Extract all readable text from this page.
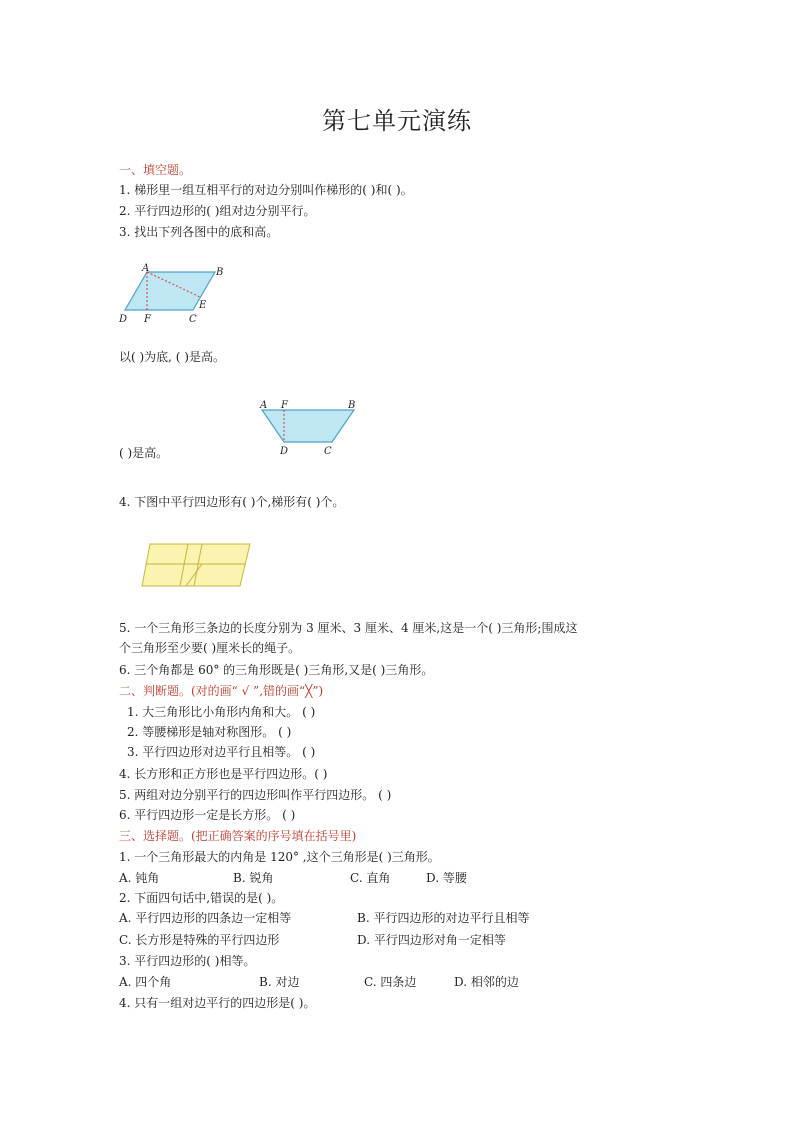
第七单元演练
一、填空题。
1. 梯形里一组互相平行的对边分别叫作梯形的( )和( )。
2. 平行四边形的( )组对边分别平行。
3. 找出下列各图中的底和高。
A	B
E
D F	C
以( )为底, ( )是高。
A F	B
D	C
( )是高。
4. 下图中平行四边形有( )个,梯形有( )个。
5. 一个三角形三条边的长度分别为 3 厘米、3 厘米、4 厘米,这是一个( )三角形;围成这
个三角形至少要( )厘米长的绳子。
6. 三个角都是 60° 的三角形既是( )三角形,又是( )三角形。
二、判断题。(对的画“ √ ”,错的画“╳”)
1. 大三角形比小角形内角和大。 ( )
2. 等腰梯形是轴对称图形。 ( )
3. 平行四边形对边平行且相等。 ( )
4. 长方形和正方形也是平行四边形。( )
5. 两组对边分别平行的四边形叫作平行四边形。 ( )
6. 平行四边形一定是长方形。 ( )
三、选择题。(把正确答案的序号填在括号里)
1. 一个三角形最大的内角是 120° ,这个三角形是( )三角形。
A. 钝角	B. 锐角	C. 直角	D. 等腰
2. 下面四句话中,错误的是( )。
A. 平行四边形的四条边一定相等	B. 平行四边形的对边平行且相等
C. 长方形是特殊的平行四边形	D. 平行四边形对角一定相等
3. 平行四边形的( )相等。
A. 四个角	B. 对边	C. 四条边	D. 相邻的边
4. 只有一组对边平行的四边形是( )。
